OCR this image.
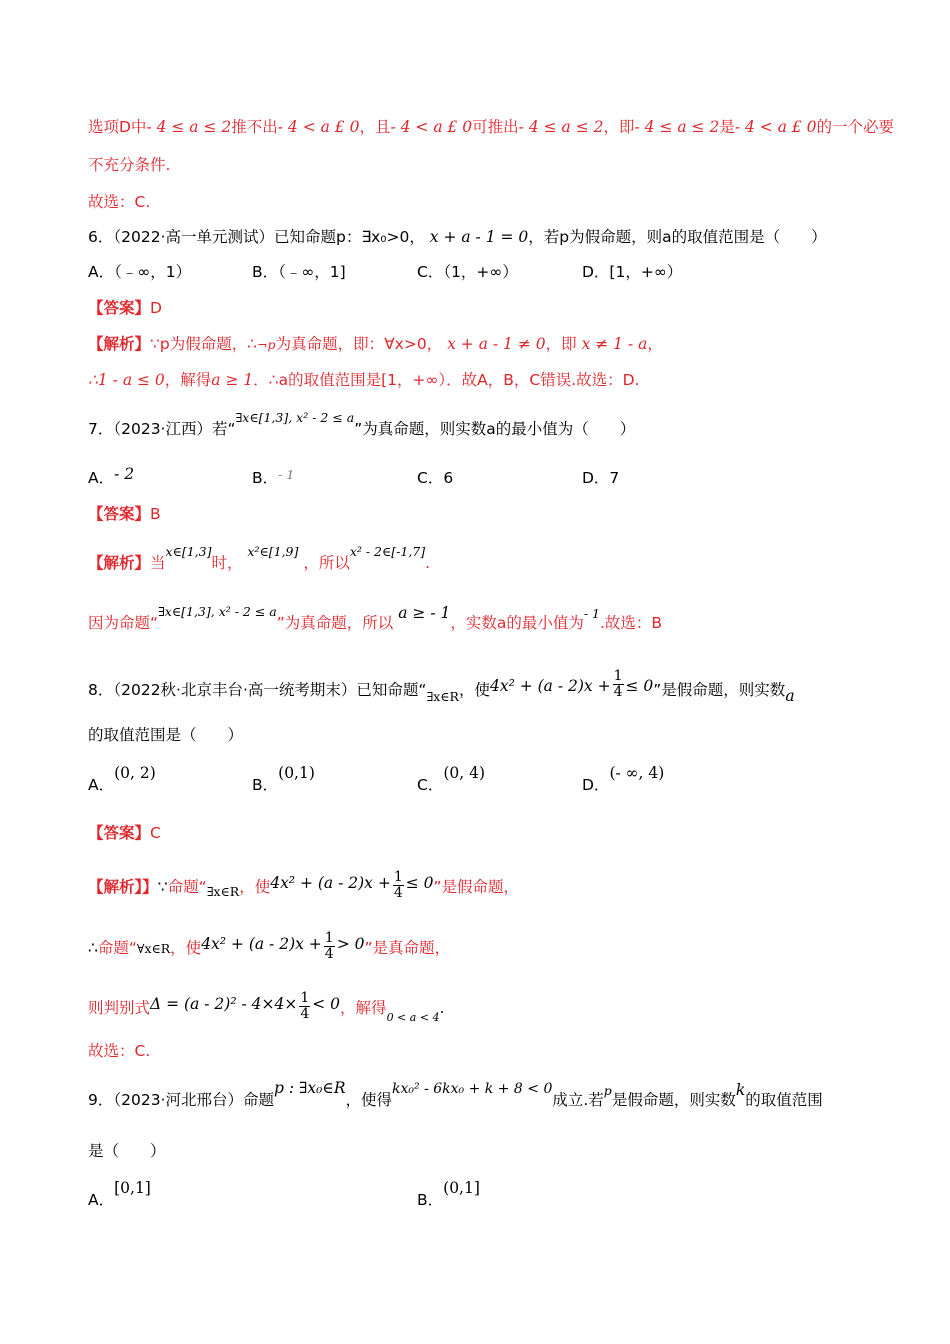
选项D中- 4 ≤ a ≤ 2推不出- 4 < a £ 0，且- 4 < a £ 0可推出- 4 ≤ a ≤ 2，即- 4 ≤ a ≤ 2是- 4 < a £ 0的一个必要
不充分条件.
故选：C.
6．（2022·高一单元测试）已知命题p：∃x₀>0， x + a - 1 = 0，若p为假命题，则a的取值范围是（　　）
A．（﹣∞，1）	B．（﹣∞，1]	C．（1，+∞）	D．[1，+∞）
【答案】D
【解析】∵p为假命题，∴¬p为真命题，即：∀x>0， x + a - 1 ≠ 0，即 x ≠ 1 - a，
∴1 - a ≤ 0，解得a ≥ 1．∴a的取值范围是[1，+∞）．故A，B，C错误.故选：D.
7．（2023·江西）若“$^{\exists x\in[1,3], x^2 - 2 \le a}$”为真命题，则实数a的最小值为（　　）
A．- 2	B．$^{- 1}$	C．6	D．7
【答案】B
【解析】当$^{x\in[1,3]}$时， $^{x^2\in[1,9]}$ ，所以$^{x^2 - 2\in[-1,7]}$.
因为命题“$^{\exists x\in[1,3], x^2 - 2 \le a}$”为真命题，所以 a ≥ - 1，实数a的最小值为$^{- 1}$.故选：B
8．（2022秋·北京丰台·高一统考期末）已知命题“$_{\exists x\in R}$，使$4x^2 + (a - 2)x + \frac{1}{4} \le 0$”是假命题，则实数a
的取值范围是（　　）
A．(0, 2)
B．(0,1)
C．(0, 4)
D．(- ∞, 4)
【答案】C
【解析】】∵命题“$_{\exists x\in R}$，使$4x^2 + (a - 2)x + \frac{1}{4} \le 0$”是假命题，
∴命题“∀x∈R，使$4x^2 + (a - 2)x + \frac{1}{4} > 0$”是真命题，
则判别式$\Delta = (a - 2)^2 - 4\times 4\times \frac{1}{4} < 0$，解得$_{0 < a < 4}$.
故选：C.
9．（2023·河北邢台）命题p : ∃x₀∈R，使得kx₀² - 6kx₀ + k + 8 < 0成立.若$^p$是假命题，则实数k的取值范围
是（　　）
A．[0,1]
B．(0,1]
